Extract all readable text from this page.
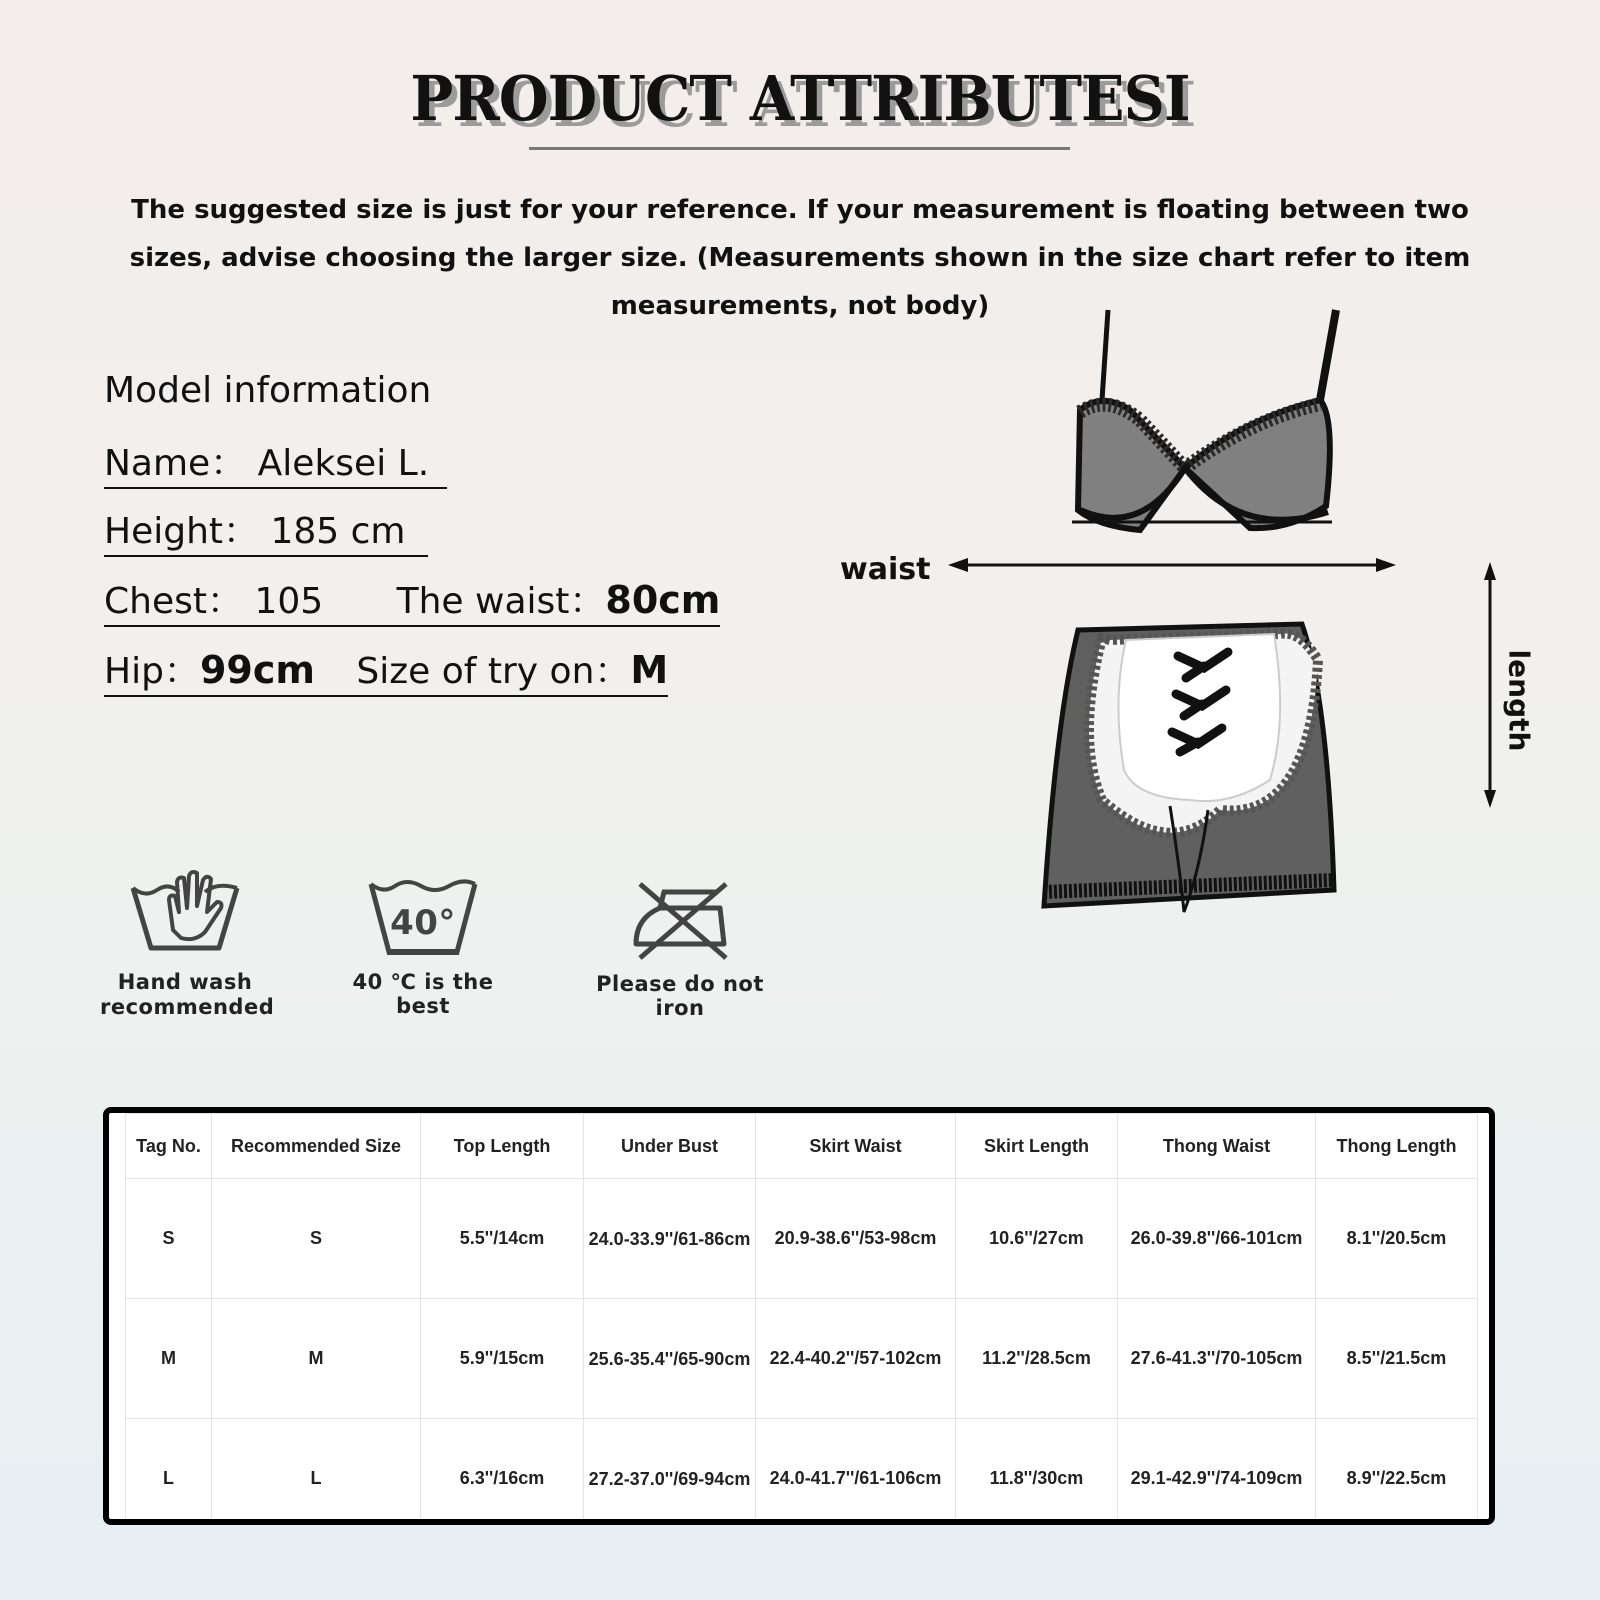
PRODUCT ATTRIBUTESI
The suggested size is just for your reference. If your measurement is floating between two sizes, advise choosing the larger size. (Measurements shown in the size chart refer to item measurements, not body)
Model information
Name： Aleksei L.
Height： 185 cm
Chest： 105 The waist：80cm
Hip：99cm Size of try on：M
Hand wash recommended
40°
40 ℃ is the best
Please do not iron
waist
length
Tag No.	Recommended Size	Top Length	Under Bust	Skirt Waist	Skirt Length	Thong Waist	Thong Length
S	S	5.5''/14cm	24.0-33.9''/61-86cm	20.9-38.6''/53-98cm	10.6''/27cm	26.0-39.8''/66-101cm	8.1''/20.5cm
M	M	5.9''/15cm	25.6-35.4''/65-90cm	22.4-40.2''/57-102cm	11.2''/28.5cm	27.6-41.3''/70-105cm	8.5''/21.5cm
L	L	6.3''/16cm	27.2-37.0''/69-94cm	24.0-41.7''/61-106cm	11.8''/30cm	29.1-42.9''/74-109cm	8.9''/22.5cm
